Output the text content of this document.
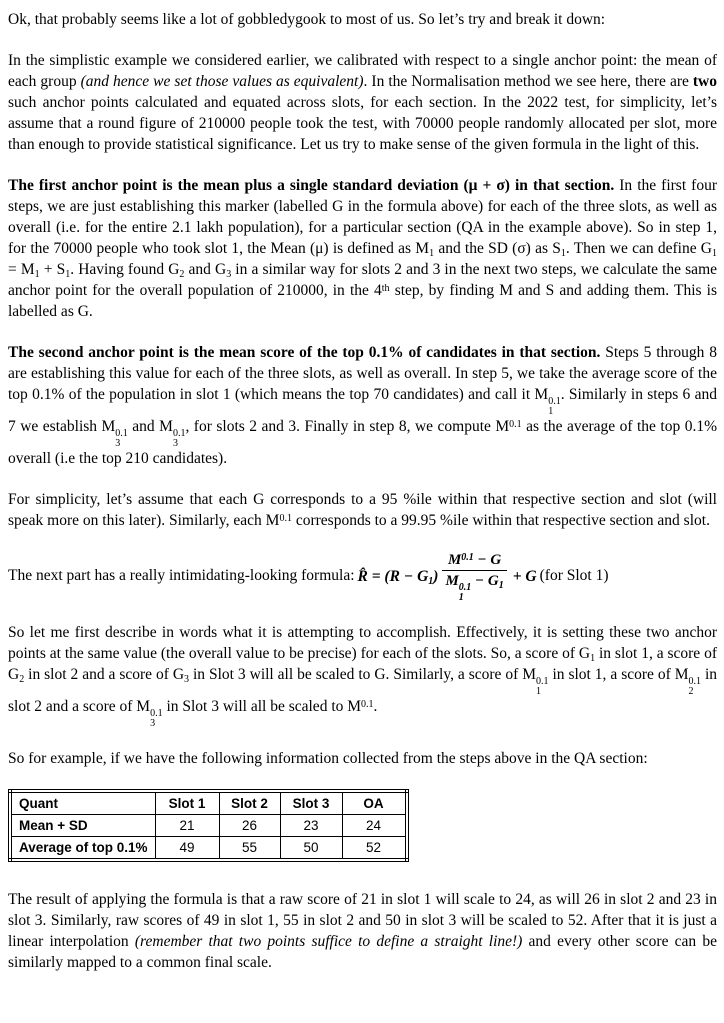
Ok, that probably seems like a lot of gobbledygook to most of us. So let’s try and break it down:

In the simplistic example we considered earlier, we calibrated with respect to a single anchor point: the mean of each group (and hence we set those values as equivalent). In the Normalisation method we see here, there are two such anchor points calculated and equated across slots, for each section. In the 2022 test, for simplicity, let’s assume that a round figure of 210000 people took the test, with 70000 people randomly allocated per slot, more than enough to provide statistical significance. Let us try to make sense of the given formula in the light of this.

The first anchor point is the mean plus a single standard deviation (μ + σ) in that section. In the first four steps, we are just establishing this marker (labelled G in the formula above) for each of the three slots, as well as overall (i.e. for the entire 2.1 lakh population), for a particular section (QA in the example above). So in step 1, for the 70000 people who took slot 1, the Mean (μ) is defined as $M_1$ and the SD (σ) as $S_1$. Then we can define $G_1 = M_1 + S_1$. Having found $G_2$ and $G_3$ in a similar way for slots 2 and 3 in the next two steps, we calculate the same anchor point for the overall population of 210000, in the 4th step, by finding M and S and adding them. This is labelled as G.

The second anchor point is the mean score of the top 0.1% of candidates in that section. Steps 5 through 8 are establishing this value for each of the three slots, as well as overall. In step 5, we take the average score of the top 0.1% of the population in slot 1 (which means the top 70 candidates) and call it M 0.1
1
. Similarly in steps 6 and 7 we establish M 0.1
3
and M 0.1
3
, for slots 2 and 3. Finally in step 8, we compute $M^{0.1}$ as the average of the top 0.1% overall (i.e the top 210 candidates).

For simplicity, let’s assume that each G corresponds to a 95 %ile within that respective section and slot (will speak more on this later). Similarly, each $M^{0.1}$ corresponds to a 99.95 %ile within that respective section and slot.

The next part has a really intimidating-looking formula: R̂ = $(R - G_1)$ $M^{0.1} - G$
M 0.1
1
− $G_1 + G$ (for Slot 1)

So let me first describe in words what it is attempting to accomplish. Effectively, it is setting these two anchor points at the same value (the overall value to be precise) for each of the slots. So, a score of $G_1$ in slot 1, a score of $G_2$ in slot 2 and a score of $G_3$ in Slot 3 will all be scaled to G. Similarly, a score of M 0.1
1
in slot 1, a score of M 0.1
2
in slot 2 and a score of M 0.1
3
in Slot 3 will all be scaled to $M^{0.1}$.

So for example, if we have the following information collected from the steps above in the QA section:

Quant	Slot 1	Slot 2	Slot 3	OA
Mean + SD	21	26	23	24
Average of top 0.1%	49	55	50	52

The result of applying the formula is that a raw score of 21 in slot 1 will scale to 24, as will 26 in slot 2 and 23 in slot 3. Similarly, raw scores of 49 in slot 1, 55 in slot 2 and 50 in slot 3 will be scaled to 52. After that it is just a linear interpolation (remember that two points suffice to define a straight line!) and every other score can be similarly mapped to a common final scale.
